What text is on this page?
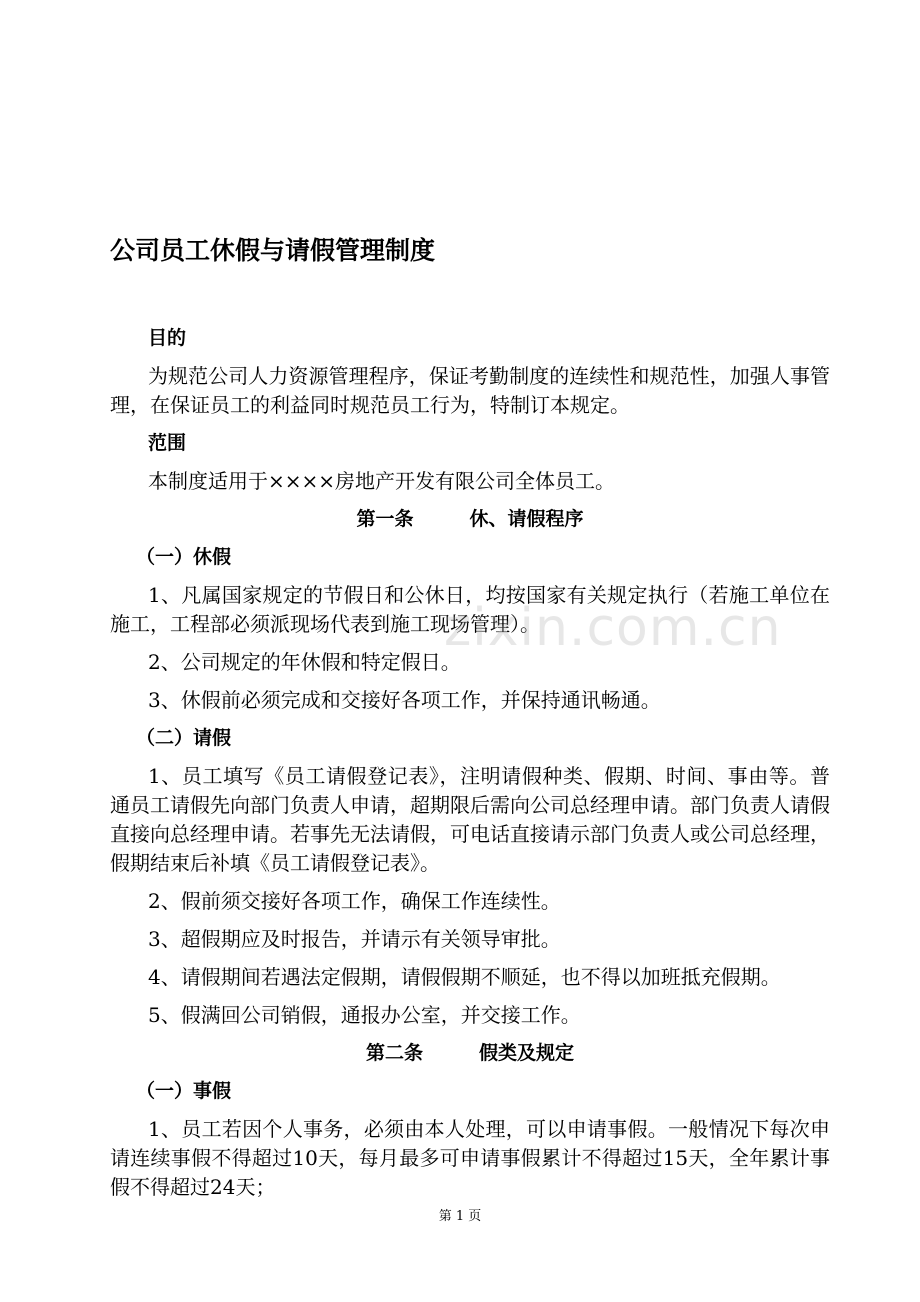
公司员工休假与请假管理制度
目的

为规范公司人力资源管理程序，保证考勤制度的连续性和规范性，加强人事管理，在保证员工的利益同时规范员工行为，特制订本规定。

范围

本制度适用于××××房地产开发有限公司全体员工。

第一条	休、请假程序
（一）休假

1、凡属国家规定的节假日和公休日，均按国家有关规定执行（若施工单位在施工，工程部必须派现场代表到施工现场管理）。

2、公司规定的年休假和特定假日。

3、休假前必须完成和交接好各项工作，并保持通讯畅通。

（二）请假

1、员工填写《员工请假登记表》，注明请假种类、假期、时间、事由等。普通员工请假先向部门负责人申请，超期限后需向公司总经理申请。部门负责人请假直接向总经理申请。若事先无法请假，可电话直接请示部门负责人或公司总经理，假期结束后补填《员工请假登记表》。

2、假前须交接好各项工作，确保工作连续性。

3、超假期应及时报告，并请示有关领导审批。

4、请假期间若遇法定假期，请假假期不顺延，也不得以加班抵充假期。

5、假满回公司销假，通报办公室，并交接工作。

第二条	假类及规定
（一）事假

1、员工若因个人事务，必须由本人处理，可以申请事假。一般情况下每次申请连续事假不得超过10天，每月最多可申请事假累计不得超过15天，全年累计事假不得超过24天；

zixin.com.cn
第 1 页
